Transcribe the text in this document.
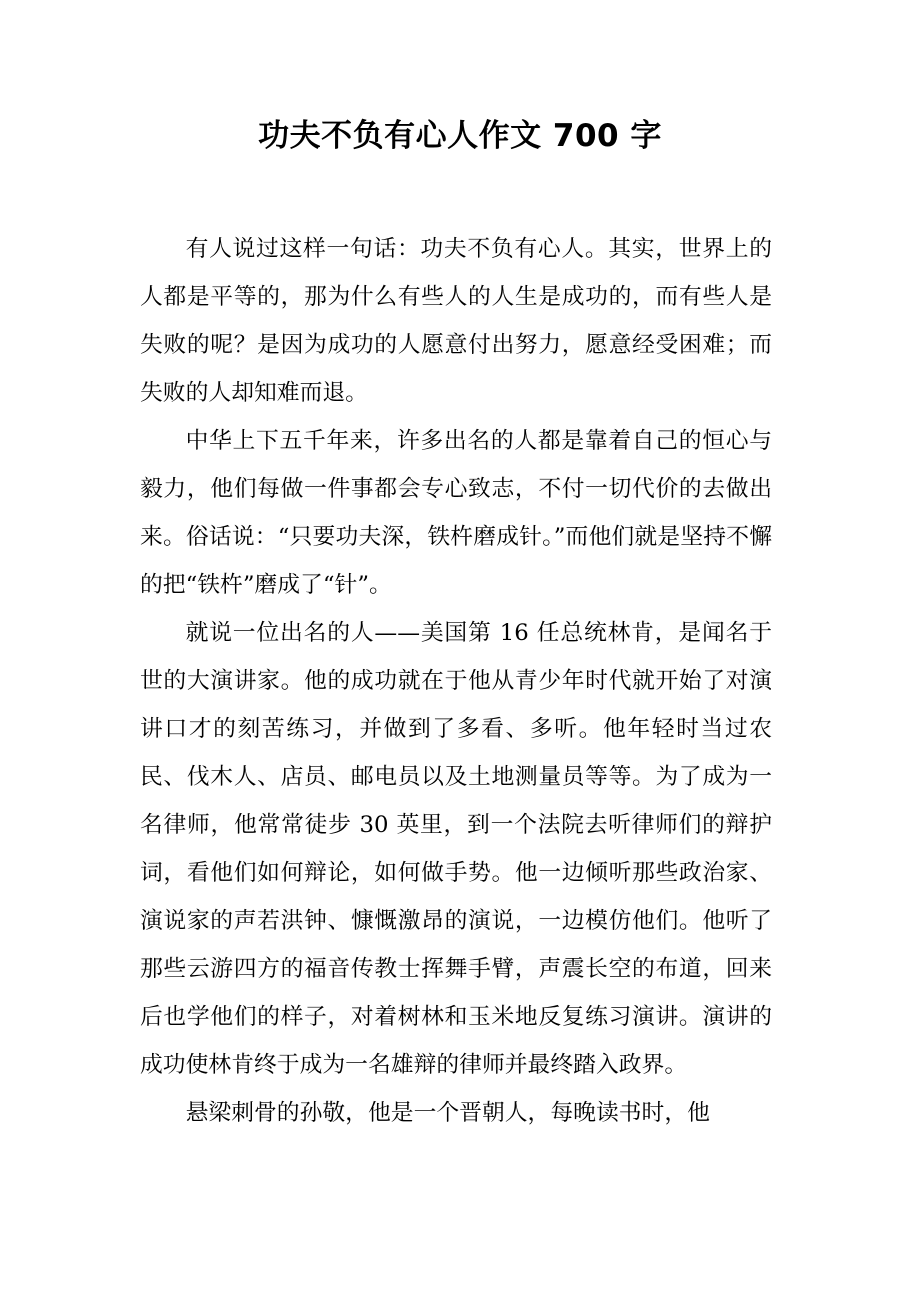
功夫不负有心人作文 700 字

有人说过这样一句话：功夫不负有心人。其实，世界上的人都是平等的，那为什么有些人的人生是成功的，而有些人是失败的呢？是因为成功的人愿意付出努力，愿意经受困难；而失败的人却知难而退。

中华上下五千年来，许多出名的人都是靠着自己的恒心与毅力，他们每做一件事都会专心致志，不付一切代价的去做出来。俗话说：“只要功夫深，铁杵磨成针。”而他们就是坚持不懈的把“铁杵”磨成了“针”。

就说一位出名的人——美国第 16 任总统林肯，是闻名于世的大演讲家。他的成功就在于他从青少年时代就开始了对演讲口才的刻苦练习，并做到了多看、多听。他年轻时当过农民、伐木人、店员、邮电员以及土地测量员等等。为了成为一名律师，他常常徒步 30 英里，到一个法院去听律师们的辩护词，看他们如何辩论，如何做手势。他一边倾听那些政治家、演说家的声若洪钟、慷慨激昂的演说，一边模仿他们。他听了那些云游四方的福音传教士挥舞手臂，声震长空的布道，回来后也学他们的样子，对着树林和玉米地反复练习演讲。演讲的成功使林肯终于成为一名雄辩的律师并最终踏入政界。

悬梁刺骨的孙敬，他是一个晋朝人，每晚读书时，他
